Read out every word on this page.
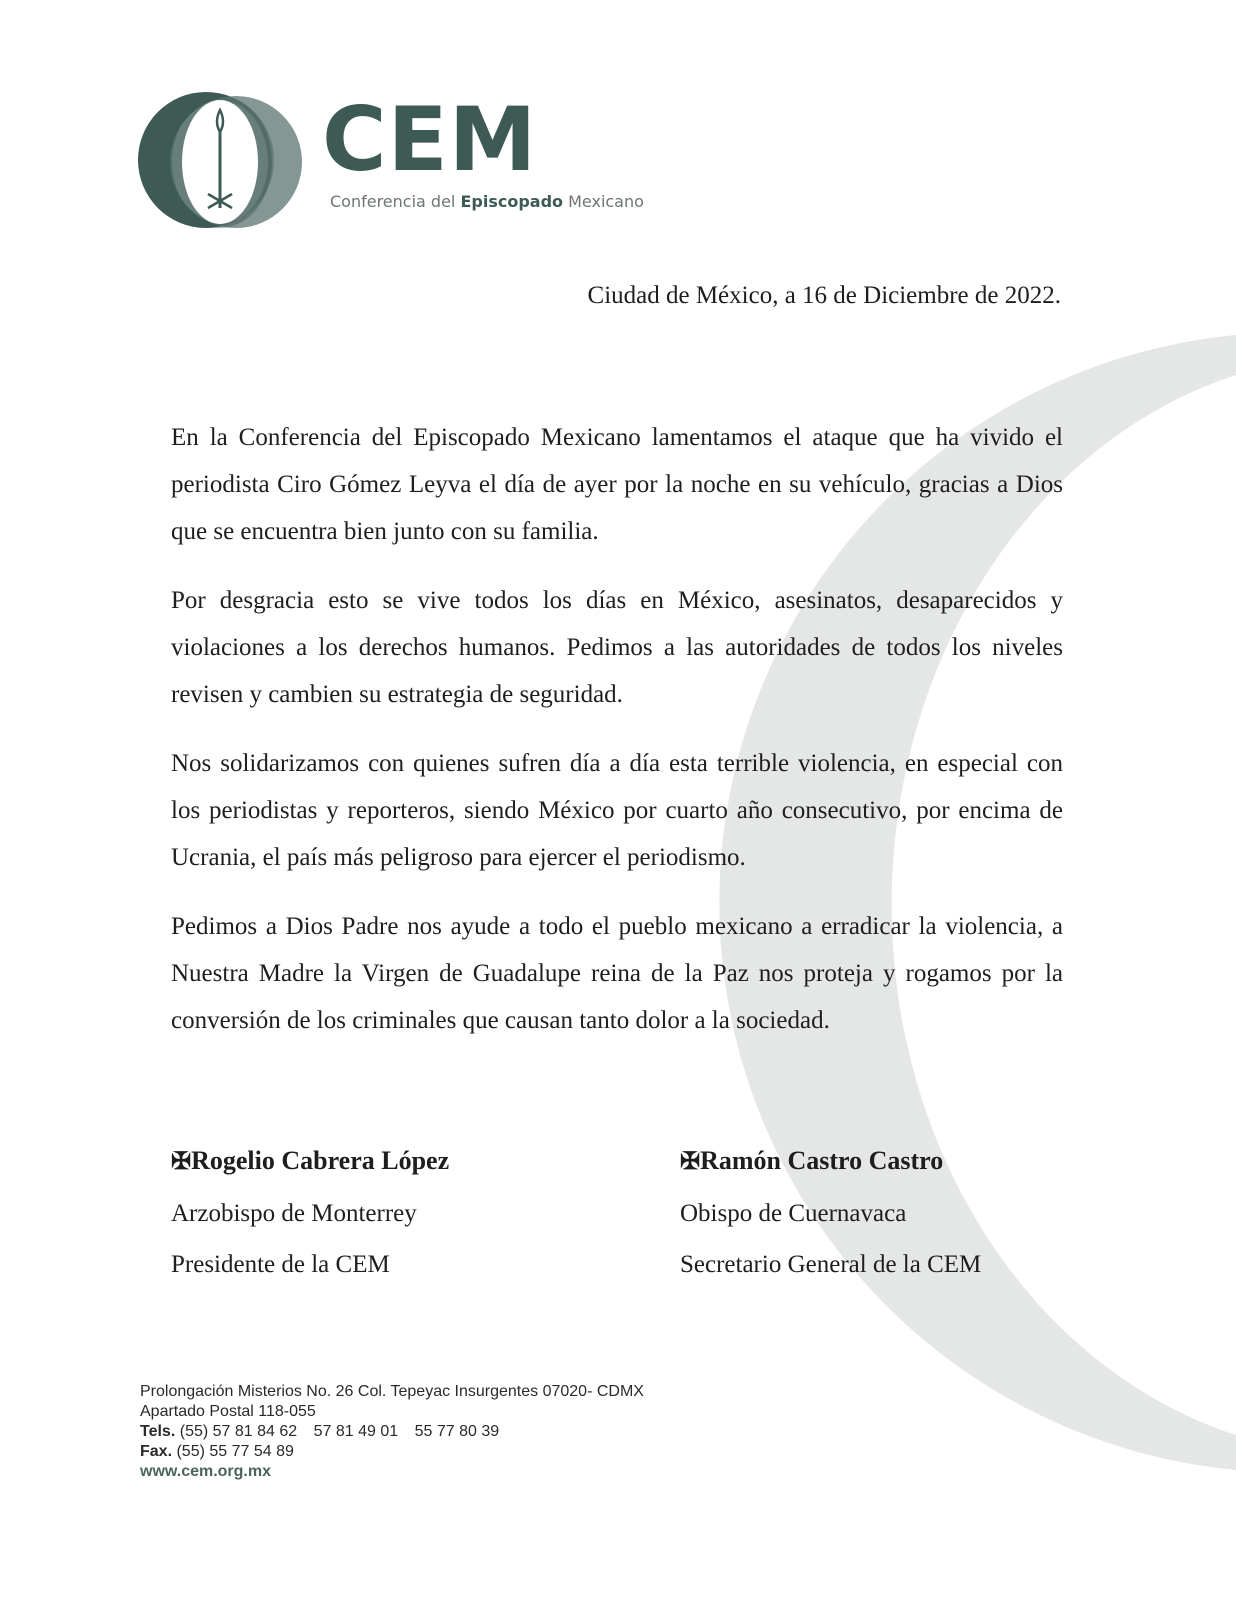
CEM
Conferencia del Episcopado Mexicano
Ciudad de México, a 16 de Diciembre de 2022.

En la Conferencia del Episcopado Mexicano lamentamos el ataque que ha vivido el periodista Ciro Gómez Leyva el día de ayer por la noche en su vehículo, gracias a Dios que se encuentra bien junto con su familia.

Por desgracia esto se vive todos los días en México, asesinatos, desaparecidos y violaciones a los derechos humanos. Pedimos a las autoridades de todos los niveles revisen y cambien su estrategia de seguridad.

Nos solidarizamos con quienes sufren día a día esta terrible violencia, en especial con los periodistas y reporteros, siendo México por cuarto año consecutivo, por encima de Ucrania, el país más peligroso para ejercer el periodismo.

Pedimos a Dios Padre nos ayude a todo el pueblo mexicano a erradicar la violencia, a Nuestra Madre la Virgen de Guadalupe reina de la Paz nos proteja y rogamos por la conversión de los criminales que causan tanto dolor a la sociedad.

✠Rogelio Cabrera López
Arzobispo de Monterrey
Presidente de la CEM
✠Ramón Castro Castro
Obispo de Cuernavaca
Secretario General de la CEM
Prolongación Misterios No. 26 Col. Tepeyac Insurgentes 07020- CDMX
Apartado Postal 118-055
Tels. (55) 57 81 84 62 57 81 49 01 55 77 80 39
Fax. (55) 55 77 54 89
www.cem.org.mx
